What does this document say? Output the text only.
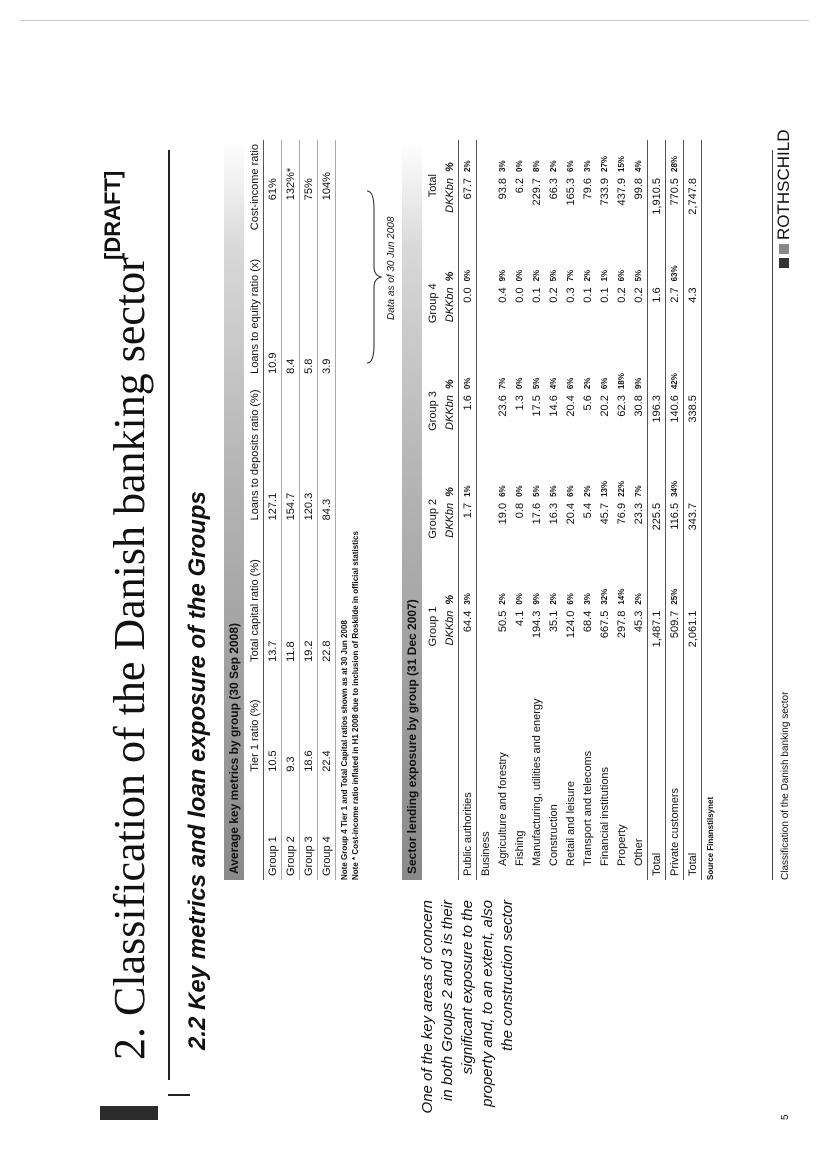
2. Classification of the Danish banking sector
[DRAFT]
2.2 Key metrics and loan exposure of the Groups	One of the key areas of concern in both Groups 2 and 3 is their significant exposure to the property and, to an extent, also the construction sector
Average key metrics by group (30 Sep 2008)
	Tier 1 ratio (%)	Total capital ratio (%)	Loans to deposits ratio (%)	Loans to equity ratio (x)	Cost-income ratio
Group 1	10.5	13.7	127.1	10.9	61%
Group 2	9.3	11.8	154.7	8.4	132%*
Group 3	18.6	19.2	120.3	5.8	75%
Group 4	22.4	22.8	84.3	3.9	104%
Note Group 4 Tier 1 and Total Capital ratios shown as at 30 Jun 2008 Note * Cost-income ratio inflated in H1 2008 due to inclusion of Roskilde in official statistics
Data as of 30 Jun 2008
Sector lending exposure by group (31 Dec 2007)
	Group 1		Group 2		Group 3		Group 4		Total	
	DKKbn	%	DKKbn	%	DKKbn	%	DKKbn	%	DKKbn	%
Public authorities	64.4	3%	1.7	1%	1.6	0%	0.0	0%	67.7	2%
Business										
Agriculture and forestry	50.5	2%	19.0	6%	23.6	7%	0.4	9%	93.8	3%
Fishing	4.1	0%	0.8	0%	1.3	0%	0.0	0%	6.2	0%
Manufacturing, utilities and energy	194.3	9%	17.6	5%	17.5	5%	0.1	2%	229.7	8%
Construction	35.1	2%	16.3	5%	14.6	4%	0.2	5%	66.3	2%
Retail and leisure	124.0	6%	20.4	6%	20.4	6%	0.3	7%	165.3	6%
Transport and telecoms	68.4	3%	5.4	2%	5.6	2%	0.1	2%	79.6	3%
Financial institutions	667.5	32%	45.7	13%	20.2	6%	0.1	1%	733.9	27%
Property	297.8	14%	76.9	22%	62.3	18%	0.2	6%	437.9	15%
Other	45.3	2%	23.3	7%	30.8	9%	0.2	5%	99.8	4%
Total	1,487.1		225.5		196.3		1.6		1,910.5	
Private customers	509.7	25%	116.5	34%	140.6	42%	2.7	63%	770.5	28%
Total	2,061.1		343.7		338.5		4.3		2,747.8	
Source Finanstilsynet
5
Classification of the Danish banking sector
ROTHSCHILD
